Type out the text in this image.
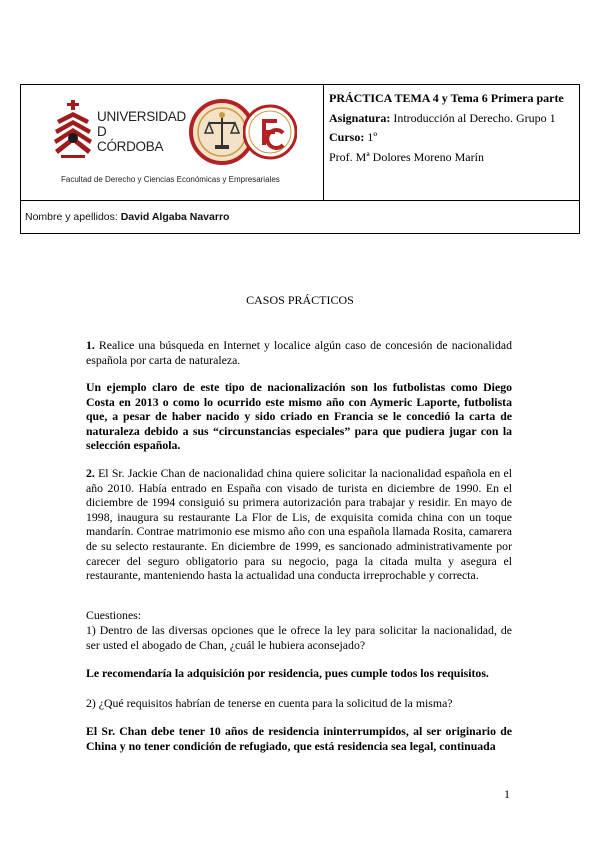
UNIVERSIDAD
D
CÓRDOBA
Facultad de Derecho y Ciencias Económicas y Empresariales
PRÁCTICA TEMA 4 y Tema 6 Primera parte
Asignatura: Introducción al Derecho. Grupo 1
Curso: 1º
Prof. Mª Dolores Moreno Marín
Nombre y apellidos: David Algaba Navarro
CASOS PRÁCTICOS
1. Realice una búsqueda en Internet y localice algún caso de concesión de nacionalidad española por carta de naturaleza.
Un ejemplo claro de este tipo de nacionalización son los futbolistas como Diego Costa en 2013 o como lo ocurrido este mismo año con Aymeric Laporte, futbolista que, a pesar de haber nacido y sido criado en Francia se le concedió la carta de naturaleza debido a sus “circunstancias especiales” para que pudiera jugar con la selección española.
2. El Sr. Jackie Chan de nacionalidad china quiere solicitar la nacionalidad española en el año 2010. Había entrado en España con visado de turista en diciembre de 1990. En el diciembre de 1994 consiguió su primera autorización para trabajar y residir. En mayo de 1998, inaugura su restaurante La Flor de Lis, de exquisita comida china con un toque mandarín. Contrae matrimonio ese mismo año con una española llamada Rosita, camarera de su selecto restaurante. En diciembre de 1999, es sancionado administrativamente por carecer del seguro obligatorio para su negocio, paga la citada multa y asegura el restaurante, manteniendo hasta la actualidad una conducta irreprochable y correcta.
Cuestiones:
1) Dentro de las diversas opciones que le ofrece la ley para solicitar la nacionalidad, de ser usted el abogado de Chan, ¿cuál le hubiera aconsejado?
Le recomendaría la adquisición por residencia, pues cumple todos los requisitos.
2) ¿Qué requisitos habrían de tenerse en cuenta para la solicitud de la misma?
El Sr. Chan debe tener 10 años de residencia ininterrumpidos, al ser originario de China y no tener condición de refugiado, que está residencia sea legal, continuada
1
